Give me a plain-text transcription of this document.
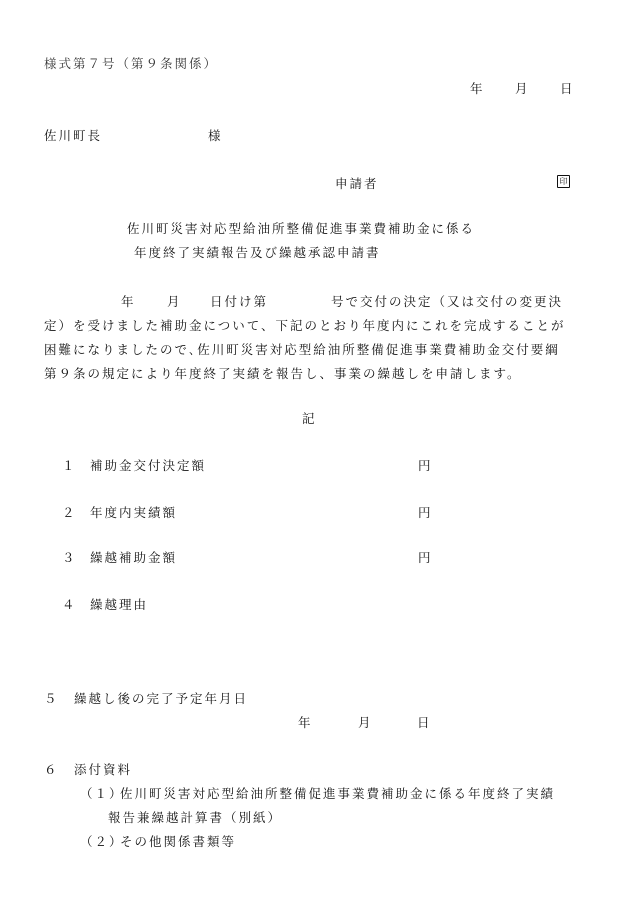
様式第７号（第９条関係）
年 月 日
佐川町長	様
申請者	印
佐川町災害対応型給油所整備促進事業費補助金に係る
年度終了実績報告及び繰越承認申請書
年	月 日付け第	号で交付の決定（又は交付の変更決
定）を受けました補助金について、下記のとおり年度内にこれを完成することが
困難になりましたので､佐川町災害対応型給油所整備促進事業費補助金交付要綱
第９条の規定により年度終了実績を報告し、事業の繰越しを申請します。
記
１ 補助金交付決定額	円
２ 年度内実績額	円
３ 繰越補助金額	円
４ 繰越理由
５ 繰越し後の完了予定年月日
年	月	日
６ 添付資料
（１）
佐川町災害対応型給油所整備促進事業費補助金に係る年度終了実績
報告兼繰越計算書（別紙）
（２）
その他関係書類等
